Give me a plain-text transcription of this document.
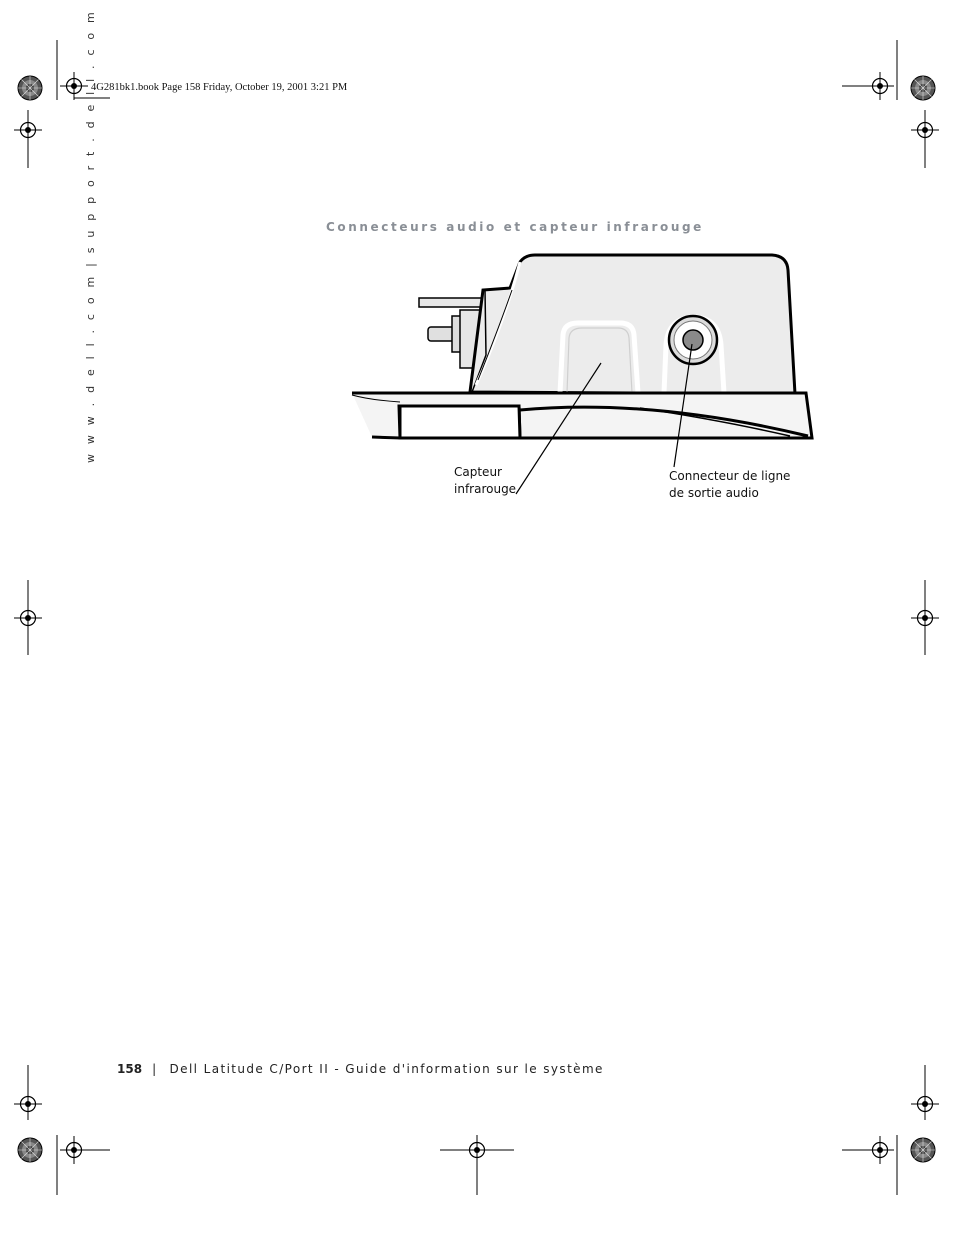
4G281bk1.book Page 158 Friday, October 19, 2001 3:21 PM
w w w . d e l l . c o m | s u p p o r t . d e l l . c o m	Connecteurs audio et capteur infrarouge
Capteur
infrarouge
Connecteur de ligne
de sortie audio
158 | Dell Latitude C/Port II - Guide d'information sur le système
